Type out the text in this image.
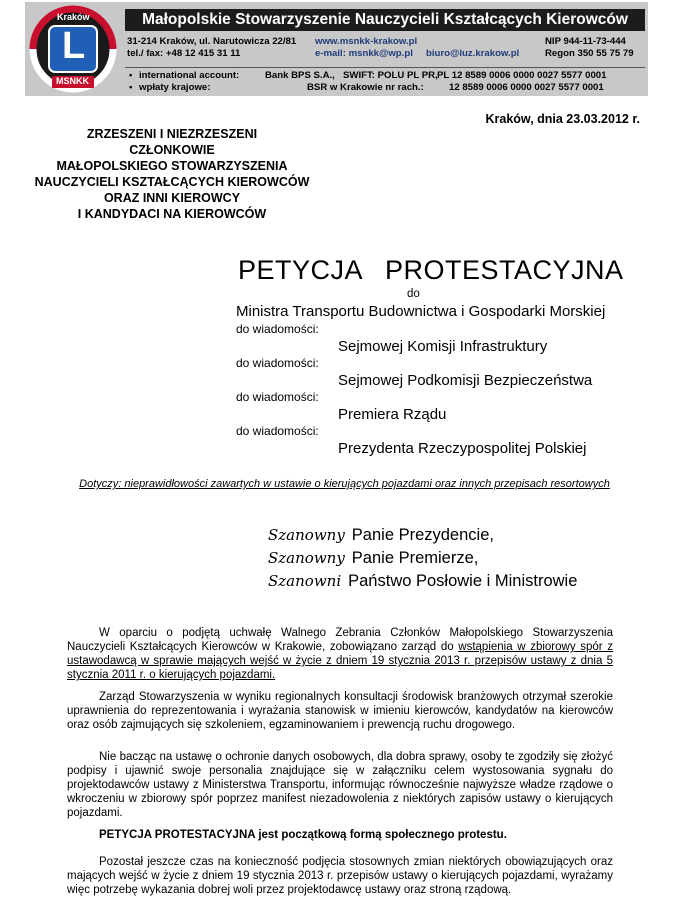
Kraków
L
MSNKK
Małopolskie Stowarzyszenie Nauczycieli Kształcących Kierowców
31-214 Kraków, ul. Narutowicza 22/81
tel./ fax: +48 12 415 31 11
www.msnkk-krakow.pl
e-mail: msnkk@wp.pl biuro@luz.krakow.pl
NIP 944-11-73-444
Regon 350 55 75 79
• international account:	Bank BPS S.A., SWIFT: POLU PL PR, PL 12 8589 0006 0000 0027 5577 0001
• wpłaty krajowe:	BSR w Krakowie nr rach.:	12 8589 0006 0000 0027 5577 0001
Kraków, dnia 23.03.2012 r.
ZRZESZENI I NIEZRZESZENI
CZŁONKOWIE
MAŁOPOLSKIEGO STOWARZYSZENIA
NAUCZYCIELI KSZTAŁCĄCYCH KIEROWCÓW
ORAZ INNI KIEROWCY
I KANDYDACI NA KIEROWCÓW
PETYCJA PROTESTACYJNA
do
Ministra Transportu Budownictwa i Gospodarki Morskiej
do wiadomości:
Sejmowej Komisji Infrastruktury
do wiadomości:
Sejmowej Podkomisji Bezpieczeństwa
do wiadomości:
Premiera Rządu
do wiadomości:
Prezydenta Rzeczypospolitej Polskiej
Dotyczy: nieprawidłowości zawartych w ustawie o kierujących pojazdami oraz innych przepisach resortowych
Szanowny Panie Prezydencie,
Szanowny Panie Premierze,
Szanowni Państwo Posłowie i Ministrowie
W oparciu o podjętą uchwałę Walnego Zebrania Członków Małopolskiego Stowarzyszenia Nauczycieli Kształcących Kierowców w Krakowie, zobowiązano zarząd do wstąpienia w zbiorowy spór z ustawodawcą w sprawie mających wejść w życie z dniem 19 stycznia 2013 r. przepisów ustawy z dnia 5 stycznia 2011 r. o kierujących pojazdami.
Zarząd Stowarzyszenia w wyniku regionalnych konsultacji środowisk branżowych otrzymał szerokie uprawnienia do reprezentowania i wyrażania stanowisk w imieniu kierowców, kandydatów na kierowców oraz osób zajmujących się szkoleniem, egzaminowaniem i prewencją ruchu drogowego.
Nie bacząc na ustawę o ochronie danych osobowych, dla dobra sprawy, osoby te zgodziły się złożyć podpisy i ujawnić swoje personalia znajdujące się w załączniku celem wystosowania sygnału do projektodawców ustawy z Ministerstwa Transportu, informując równocześnie najwyższe władze rządowe o wkroczeniu w zbiorowy spór poprzez manifest niezadowolenia z niektórych zapisów ustawy o kierujących pojazdami.
PETYCJA PROTESTACYJNA jest początkową formą społecznego protestu.
Pozostał jeszcze czas na konieczność podjęcia stosownych zmian niektórych obowiązujących oraz mających wejść w życie z dniem 19 stycznia 2013 r. przepisów ustawy o kierujących pojazdami, wyrażamy więc potrzebę wykazania dobrej woli przez projektodawcę ustawy oraz stroną rządową.
